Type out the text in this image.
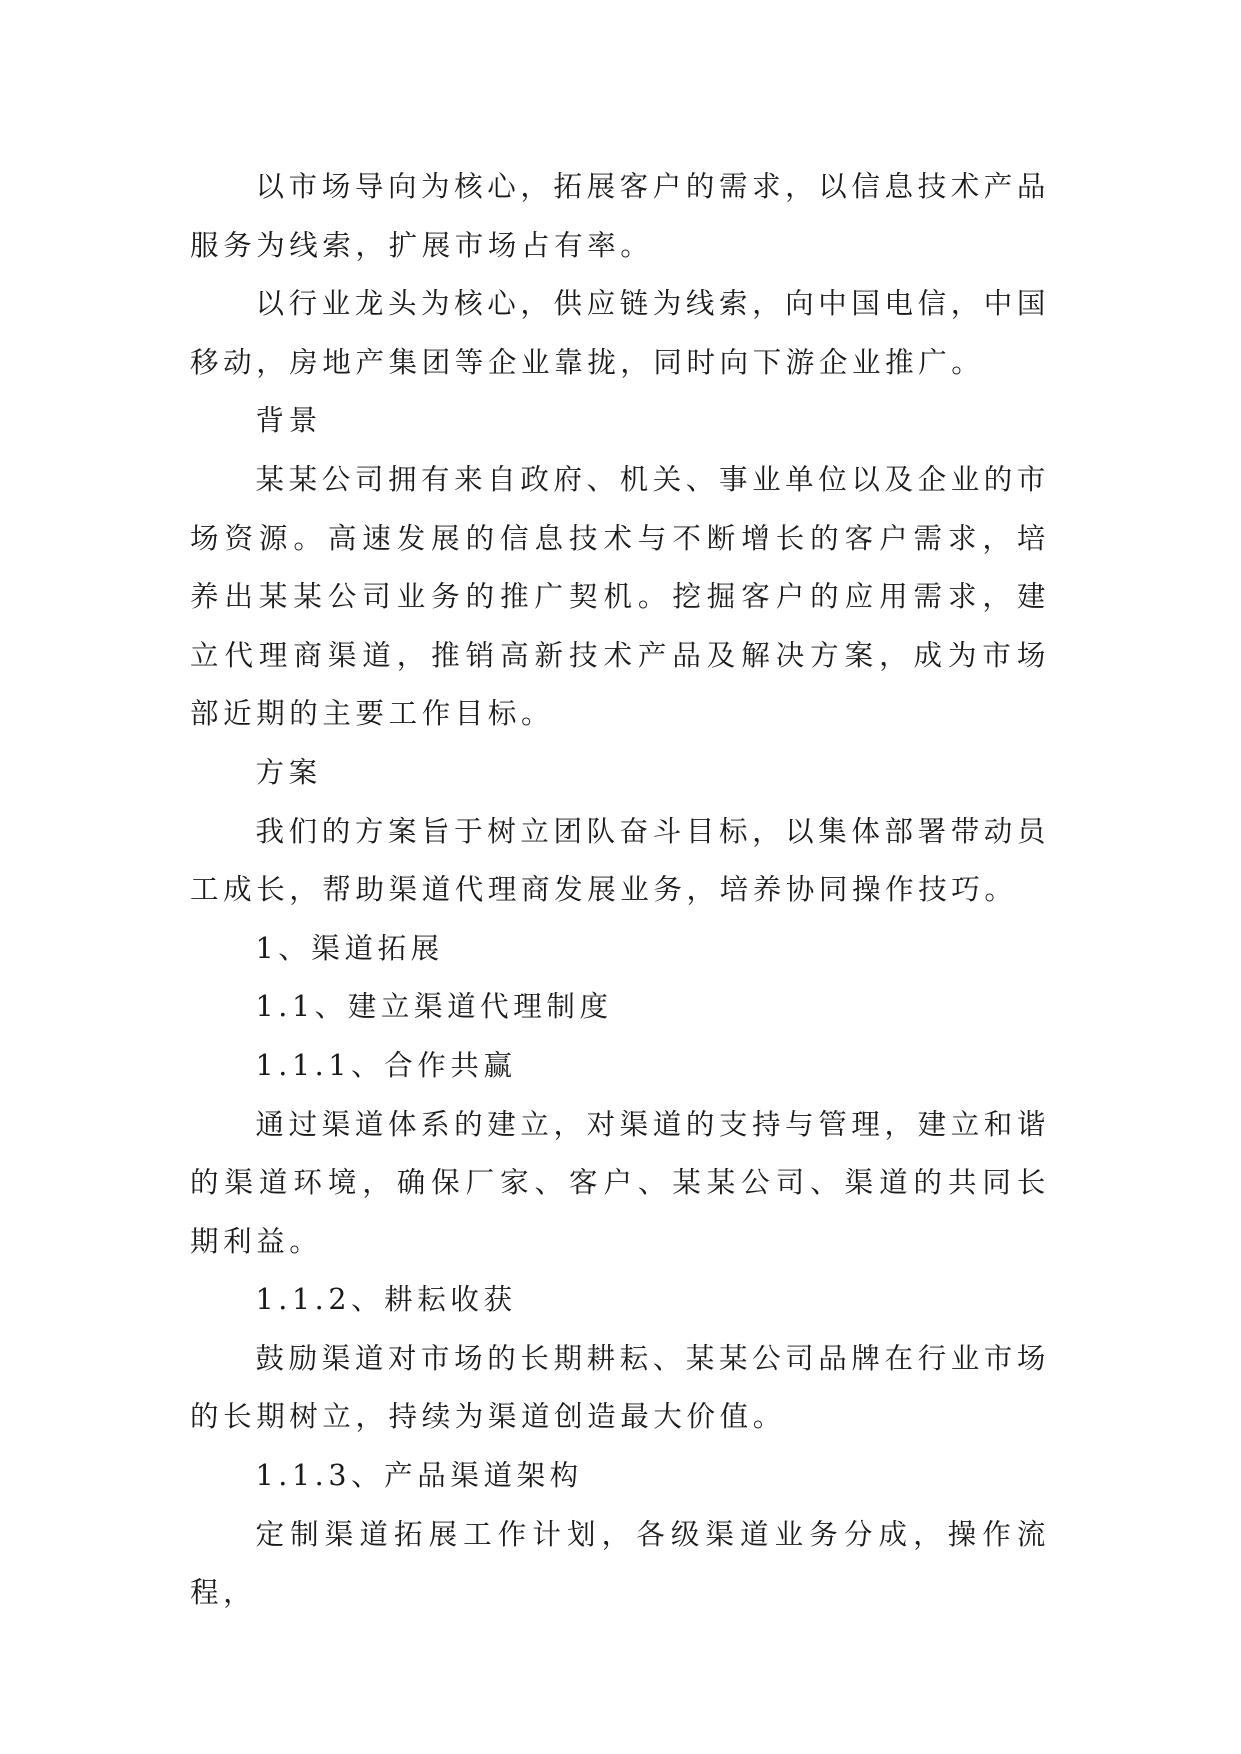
以市场导向为核心，拓展客户的需求，以信息技术产品服务为线索，扩展市场占有率。

以行业龙头为核心，供应链为线索，向中国电信，中国移动，房地产集团等企业靠拢，同时向下游企业推广。

背景

某某公司拥有来自政府、机关、事业单位以及企业的市场资源。高速发展的信息技术与不断增长的客户需求，培养出某某公司业务的推广契机。挖掘客户的应用需求，建立代理商渠道，推销高新技术产品及解决方案，成为市场部近期的主要工作目标。

方案

我们的方案旨于树立团队奋斗目标，以集体部署带动员工成长，帮助渠道代理商发展业务，培养协同操作技巧。

1、渠道拓展

1.1、建立渠道代理制度

1.1.1、合作共赢

通过渠道体系的建立，对渠道的支持与管理，建立和谐的渠道环境，确保厂家、客户、某某公司、渠道的共同长期利益。

1.1.2、耕耘收获

鼓励渠道对市场的长期耕耘、某某公司品牌在行业市场的长期树立，持续为渠道创造最大价值。

1.1.3、产品渠道架构

定制渠道拓展工作计划，各级渠道业务分成，操作流程，
